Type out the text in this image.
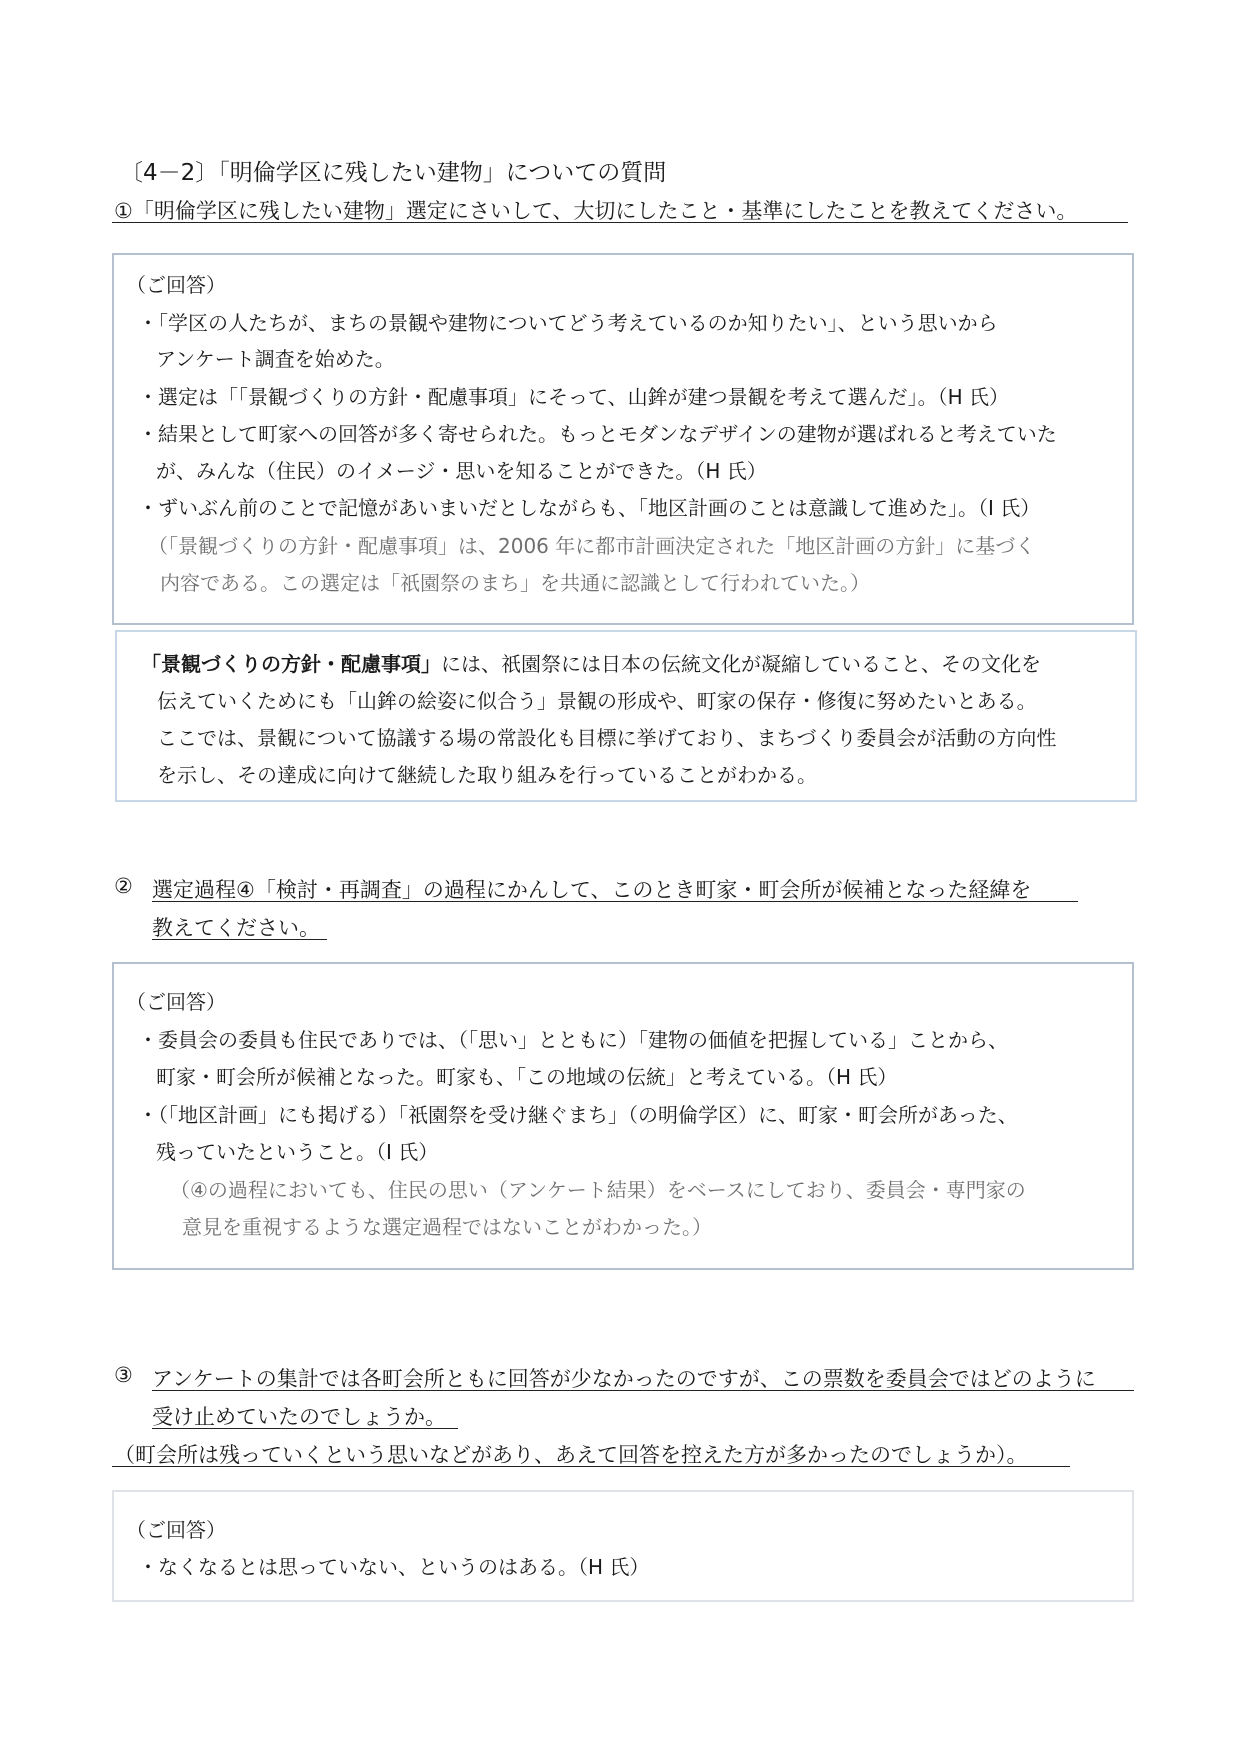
〔4－2〕「明倫学区に残したい建物」についての質問
①「明倫学区に残したい建物」選定にさいして、大切にしたこと・基準にしたことを教えてください。
（ご回答）
・「学区の人たちが、まちの景観や建物についてどう考えているのか知りたい」、という思いから
アンケート調査を始めた。
・選定は「「景観づくりの方針・配慮事項」にそって、山鉾が建つ景観を考えて選んだ」。（H 氏）
・結果として町家への回答が多く寄せられた。もっとモダンなデザインの建物が選ばれると考えていた
が、みんな（住民）のイメージ・思いを知ることができた。（H 氏）
・ずいぶん前のことで記憶があいまいだとしながらも、「地区計画のことは意識して進めた」。（I 氏）
（「景観づくりの方針・配慮事項」は、2006 年に都市計画決定された「地区計画の方針」に基づく
内容である。この選定は「祇園祭のまち」を共通に認識として行われていた。）
「景観づくりの方針・配慮事項」には、祇園祭には日本の伝統文化が凝縮していること、その文化を
伝えていくためにも「山鉾の絵姿に似合う」景観の形成や、町家の保存・修復に努めたいとある。
ここでは、景観について協議する場の常設化も目標に挙げており、まちづくり委員会が活動の方向性
を示し、その達成に向けて継続した取り組みを行っていることがわかる。
② 選定過程④「検討・再調査」の過程にかんして、このとき町家・町会所が候補となった経緯を
教えてください。
（ご回答）
・委員会の委員も住民でありでは、（「思い」とともに）「建物の価値を把握している」ことから、
町家・町会所が候補となった。町家も、「この地域の伝統」と考えている。（H 氏）
・（「地区計画」にも掲げる）「祇園祭を受け継ぐまち」（の明倫学区）に、町家・町会所があった、
残っていたということ。（I 氏）
（④の過程においても、住民の思い（アンケート結果）をベースにしており、委員会・専門家の
意見を重視するような選定過程ではないことがわかった。）
③ アンケートの集計では各町会所ともに回答が少なかったのですが、この票数を委員会ではどのように
受け止めていたのでしょうか。
（町会所は残っていくという思いなどがあり、あえて回答を控えた方が多かったのでしょうか）。
（ご回答）
・なくなるとは思っていない、というのはある。（H 氏）
